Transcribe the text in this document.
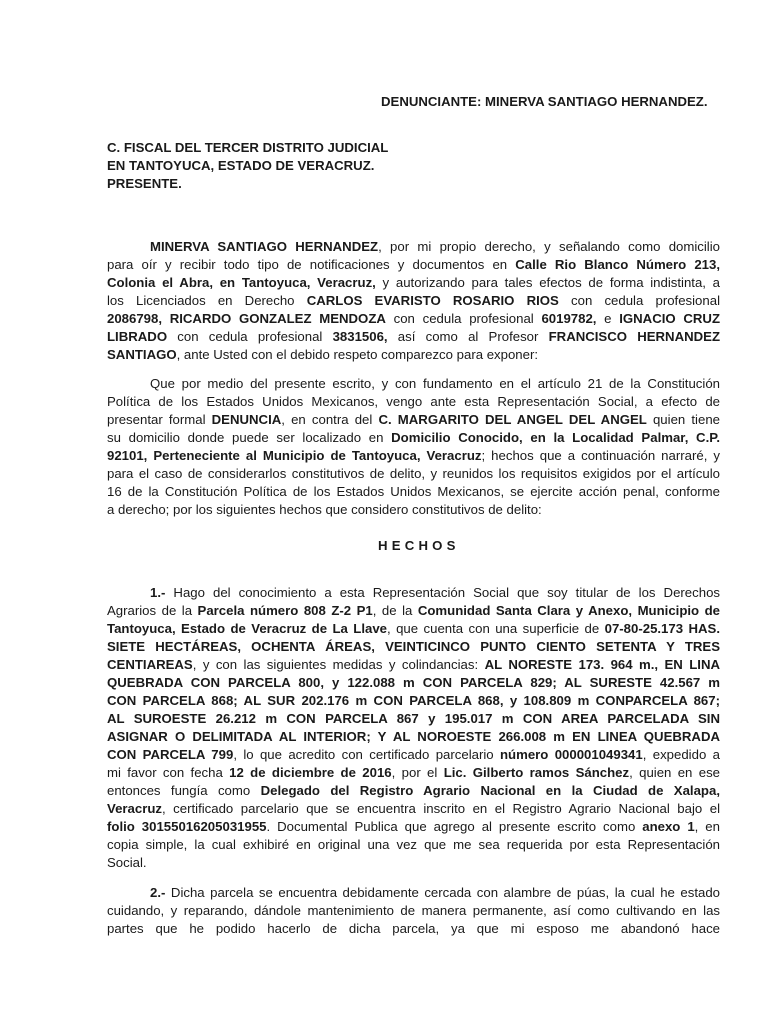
DENUNCIANTE: MINERVA SANTIAGO HERNANDEZ.
C. FISCAL DEL TERCER DISTRITO JUDICIAL
EN TANTOYUCA, ESTADO DE VERACRUZ.
PRESENTE.
MINERVA SANTIAGO HERNANDEZ, por mi propio derecho, y señalando como domicilio
para oír y recibir todo tipo de notificaciones y documentos en Calle Rio Blanco Número 213,
Colonia el Abra, en Tantoyuca, Veracruz, y autorizando para tales efectos de forma indistinta, a
los Licenciados en Derecho CARLOS EVARISTO ROSARIO RIOS con cedula profesional
2086798, RICARDO GONZALEZ MENDOZA con cedula profesional 6019782, e IGNACIO CRUZ
LIBRADO con cedula profesional 3831506, así como al Profesor FRANCISCO HERNANDEZ
SANTIAGO, ante Usted con el debido respeto comparezco para exponer:
Que por medio del presente escrito, y con fundamento en el artículo 21 de la Constitución
Política de los Estados Unidos Mexicanos, vengo ante esta Representación Social, a efecto de
presentar formal DENUNCIA, en contra del C. MARGARITO DEL ANGEL DEL ANGEL quien tiene
su domicilio donde puede ser localizado en Domicilio Conocido, en la Localidad Palmar, C.P.
92101, Perteneciente al Municipio de Tantoyuca, Veracruz; hechos que a continuación narraré, y
para el caso de considerarlos constitutivos de delito, y reunidos los requisitos exigidos por el artículo
16 de la Constitución Política de los Estados Unidos Mexicanos, se ejercite acción penal, conforme
a derecho; por los siguientes hechos que considero constitutivos de delito:
HECHOS
1.- Hago del conocimiento a esta Representación Social que soy titular de los Derechos
Agrarios de la Parcela número 808 Z-2 P1, de la Comunidad Santa Clara y Anexo, Municipio de
Tantoyuca, Estado de Veracruz de La Llave, que cuenta con una superficie de 07-80-25.173 HAS.
SIETE HECTÁREAS, OCHENTA ÁREAS, VEINTICINCO PUNTO CIENTO SETENTA Y TRES
CENTIAREAS, y con las siguientes medidas y colindancias: AL NORESTE 173. 964 m., EN LINA
QUEBRADA CON PARCELA 800, y 122.088 m CON PARCELA 829; AL SURESTE 42.567 m
CON PARCELA 868; AL SUR 202.176 m CON PARCELA 868, y 108.809 m CONPARCELA 867;
AL SUROESTE 26.212 m CON PARCELA 867 y 195.017 m CON AREA PARCELADA SIN
ASIGNAR O DELIMITADA AL INTERIOR; Y AL NOROESTE 266.008 m EN LINEA QUEBRADA
CON PARCELA 799, lo que acredito con certificado parcelario número 000001049341, expedido a
mi favor con fecha 12 de diciembre de 2016, por el Lic. Gilberto ramos Sánchez, quien en ese
entonces fungía como Delegado del Registro Agrario Nacional en la Ciudad de Xalapa,
Veracruz, certificado parcelario que se encuentra inscrito en el Registro Agrario Nacional bajo el
folio 30155016205031955. Documental Publica que agrego al presente escrito como anexo 1, en
copia simple, la cual exhibiré en original una vez que me sea requerida por esta Representación
Social.
2.- Dicha parcela se encuentra debidamente cercada con alambre de púas, la cual he estado
cuidando, y reparando, dándole mantenimiento de manera permanente, así como cultivando en las
partes que he podido hacerlo de dicha parcela, ya que mi esposo me abandonó hace
